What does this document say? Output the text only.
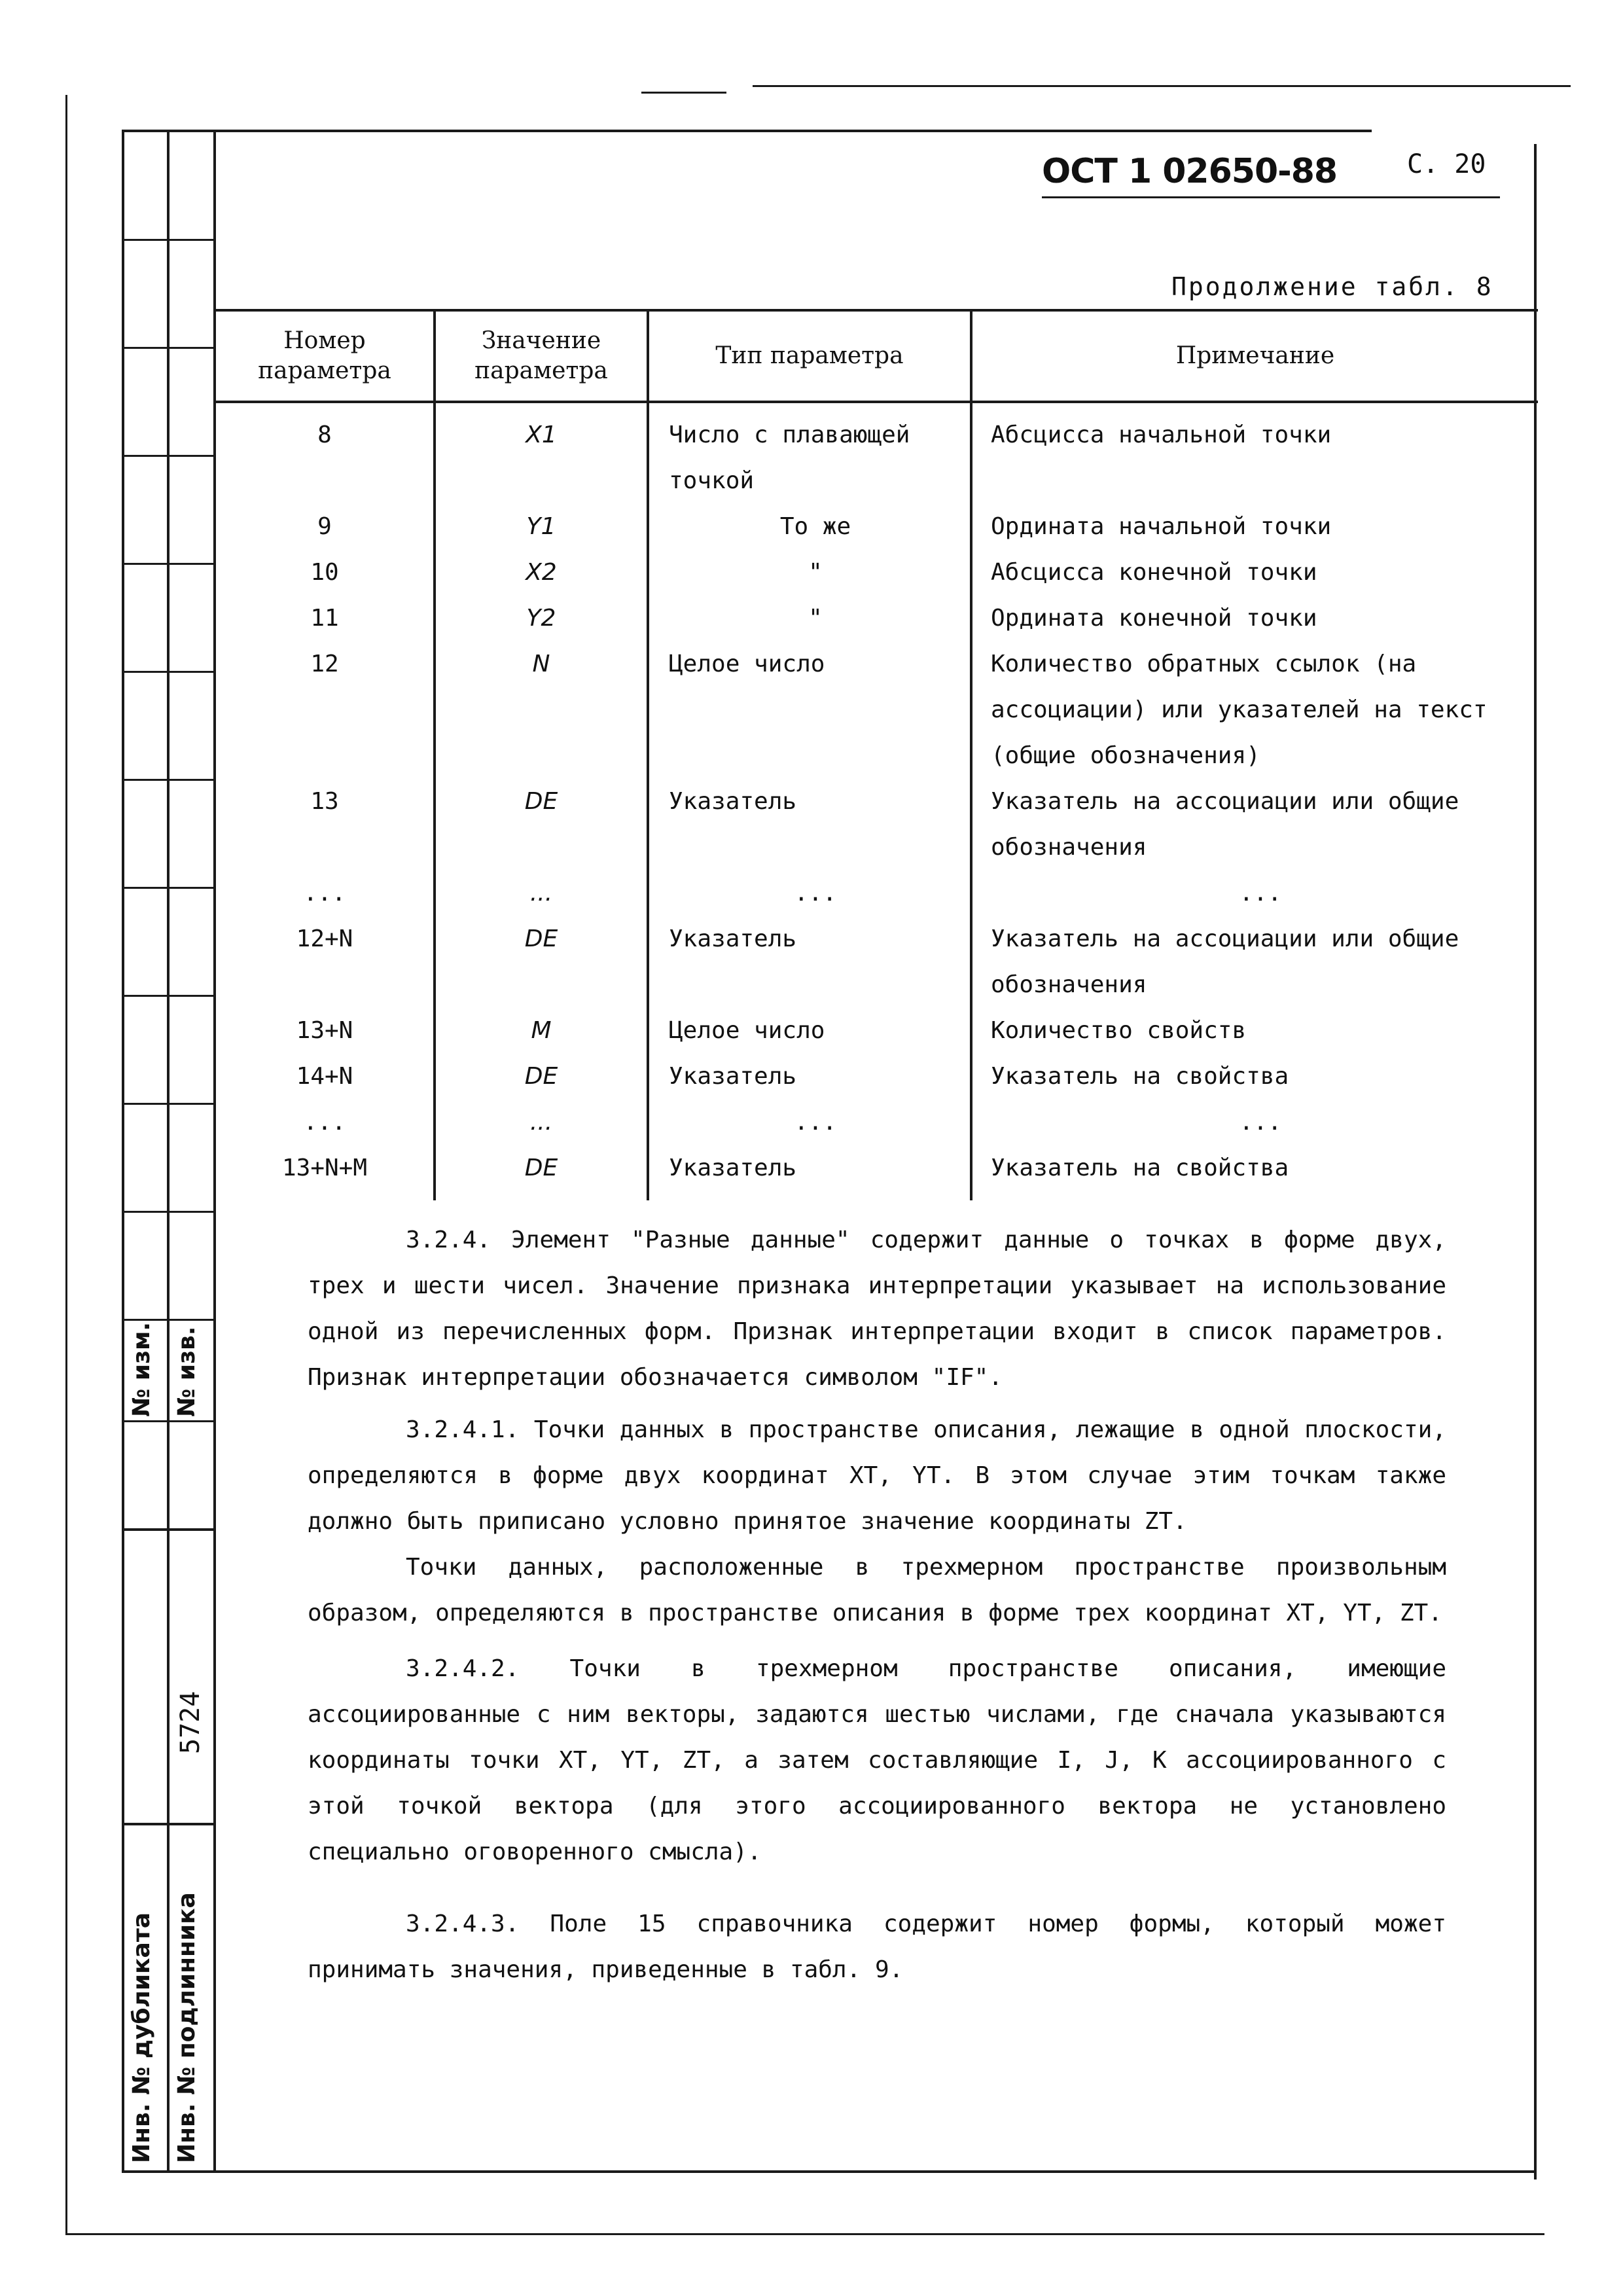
№ изм. № изв.
5724
Инв. № дубликата Инв. № подлинника
ОСТ 1 02650-88	С. 20
Продолжение табл. 8
Номер параметра	Значение параметра	Тип параметра	Примечание
8	X1	Число с плавающей точкой	Абсцисса начальной точки
9	Y1	То же	Ордината начальной точки
10	X2	"	Абсцисса конечной точки
11	Y2	"	Ордината конечной точки
12	N	Целое число	Количество обратных ссылок (на ассоциации) или указателей на текст (общие обозначения)
13	DE	Указатель	Указатель на ассоциации или общие обозначения
...	...	...	...
12+N	DE	Указатель	Указатель на ассоциации или общие обозначения
13+N	M	Целое число	Количество свойств
14+N	DE	Указатель	Указатель на свойства
...	...	...	...
13+N+M	DE	Указатель	Указатель на свойства
3.2.4. Элемент "Разные данные" содержит данные о точках в форме двух, трех и шести чисел. Значение признака интерпретации указывает на использование одной из перечисленных форм. Признак интерпретации входит в список параметров. Признак интерпретации обозначается символом "IF".
3.2.4.1. Точки данных в пространстве описания, лежащие в одной плоскости, определяются в форме двух координат XT, YT. В этом случае этим точкам также должно быть приписано условно принятое значение координаты ZT.
Точки данных, расположенные в трехмерном пространстве произвольным образом, определяются в пространстве описания в форме трех координат XT, YT, ZT.
3.2.4.2. Точки в трехмерном пространстве описания, имеющие ассоциированные с ним векторы, задаются шестью числами, где сначала указываются координаты точки XT, YT, ZT, а затем составляющие I, J, K ассоциированного с этой точкой вектора (для этого ассоциированного вектора не установлено специально оговоренного смысла).
3.2.4.3. Поле 15 справочника содержит номер формы, который может принимать значения, приведенные в табл. 9.
